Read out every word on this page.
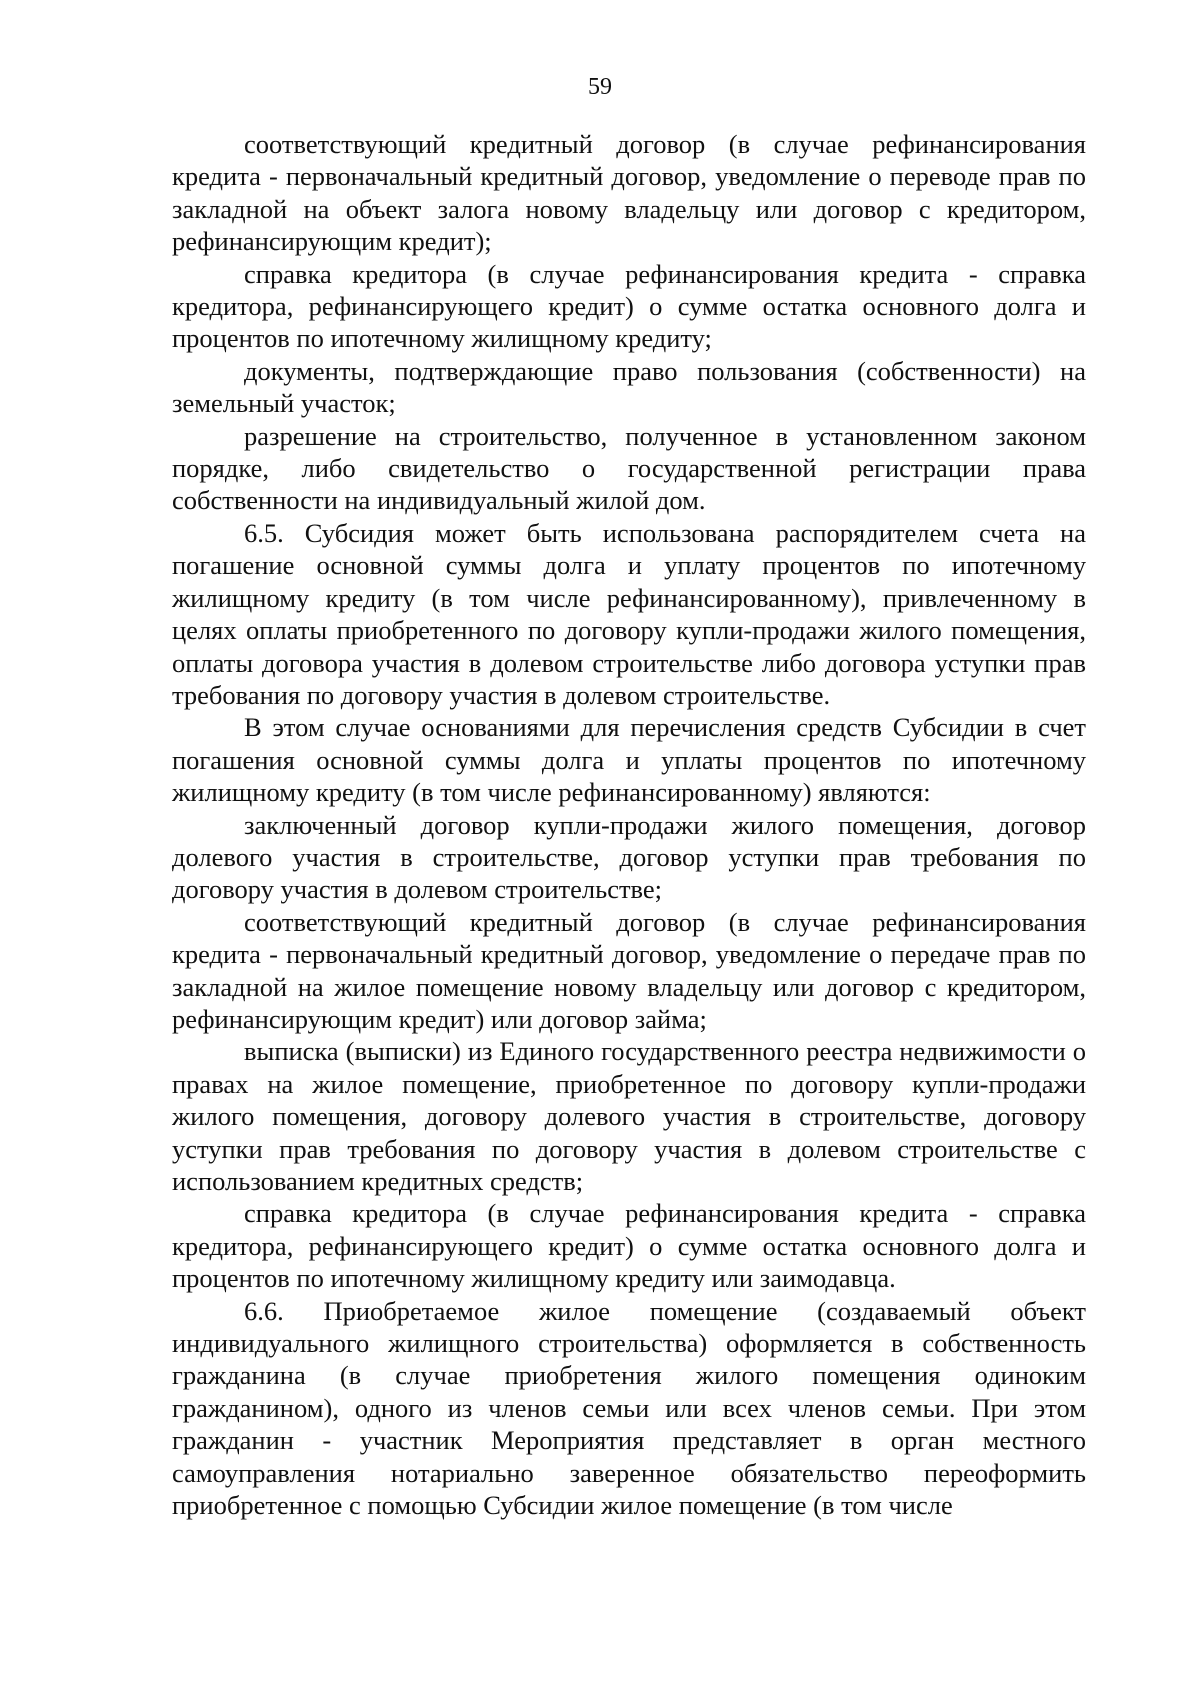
59

соответствующий кредитный договор (в случае рефинансирования кредита - первоначальный кредитный договор, уведомление о переводе прав по закладной на объект залога новому владельцу или договор с кредитором, рефинансирующим кредит);

справка кредитора (в случае рефинансирования кредита - справка кредитора, рефинансирующего кредит) о сумме остатка основного долга и процентов по ипотечному жилищному кредиту;

документы, подтверждающие право пользования (собственности) на земельный участок;

разрешение на строительство, полученное в установленном законом порядке, либо свидетельство о государственной регистрации права собственности на индивидуальный жилой дом.

6.5. Субсидия может быть использована распорядителем счета на погашение основной суммы долга и уплату процентов по ипотечному жилищному кредиту (в том числе рефинансированному), привлеченному в целях оплаты приобретенного по договору купли-продажи жилого помещения, оплаты договора участия в долевом строительстве либо договора уступки прав требования по договору участия в долевом строительстве.

В этом случае основаниями для перечисления средств Субсидии в счет погашения основной суммы долга и уплаты процентов по ипотечному жилищному кредиту (в том числе рефинансированному) являются:

заключенный договор купли-продажи жилого помещения, договор долевого участия в строительстве, договор уступки прав требования по договору участия в долевом строительстве;

соответствующий кредитный договор (в случае рефинансирования кредита - первоначальный кредитный договор, уведомление о передаче прав по закладной на жилое помещение новому владельцу или договор с кредитором, рефинансирующим кредит) или договор займа;

выписка (выписки) из Единого государственного реестра недвижимости о правах на жилое помещение, приобретенное по договору купли-продажи жилого помещения, договору долевого участия в строительстве, договору уступки прав требования по договору участия в долевом строительстве с использованием кредитных средств;

справка кредитора (в случае рефинансирования кредита - справка кредитора, рефинансирующего кредит) о сумме остатка основного долга и процентов по ипотечному жилищному кредиту или заимодавца.

6.6. Приобретаемое жилое помещение (создаваемый объект индивидуального жилищного строительства) оформляется в собственность гражданина (в случае приобретения жилого помещения одиноким гражданином), одного из членов семьи или всех членов семьи. При этом гражданин - участник Мероприятия представляет в орган местного самоуправления нотариально заверенное обязательство переоформить приобретенное с помощью Субсидии жилое помещение (в том числе
